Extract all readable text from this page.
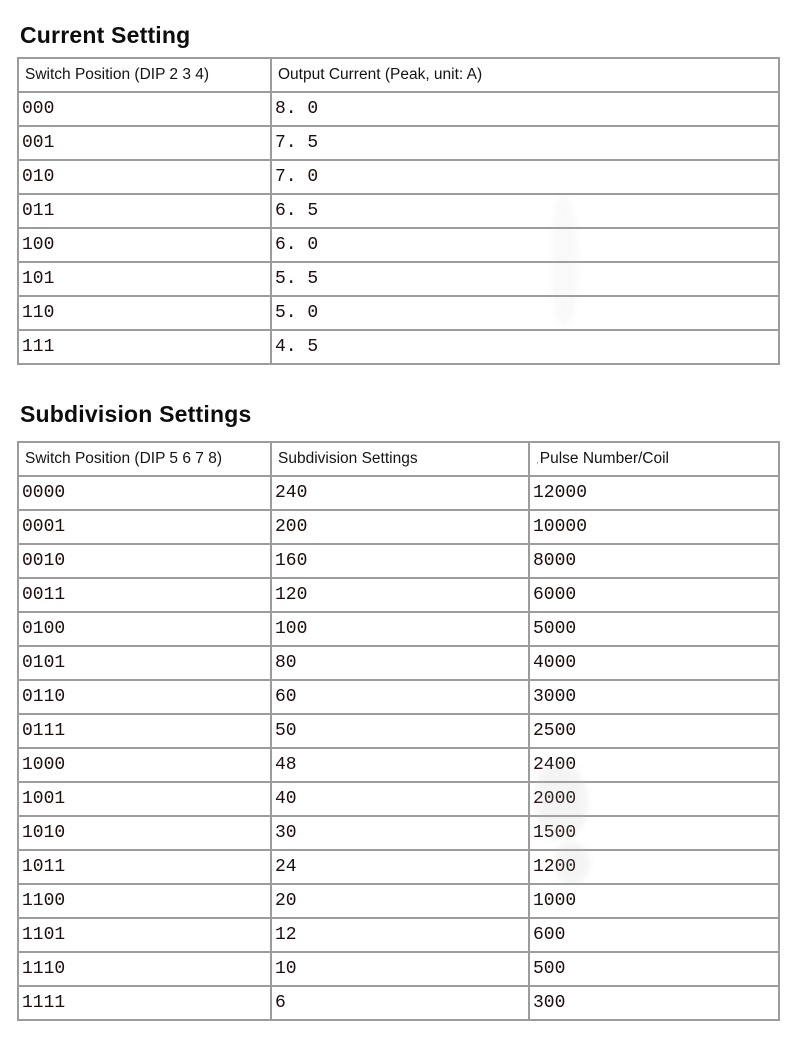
Current Setting
Switch Position (DIP 2 3 4)	Output Current (Peak, unit: A)
000	8. 0
001	7. 5
010	7. 0
011	6. 5
100	6. 0
101	5. 5
110	5. 0
111	4. 5
Subdivision Settings
Switch Position (DIP 5 6 7 8)	Subdivision Settings	,Pulse Number/Coil
0000	240	12000
0001	200	10000
0010	160	8000
0011	120	6000
0100	100	5000
0101	80	4000
0110	60	3000
0111	50	2500
1000	48	2400
1001	40	2000
1010	30	1500
1011	24	1200
1100	20	1000
1101	12	600
1110	10	500
1111	6	300
